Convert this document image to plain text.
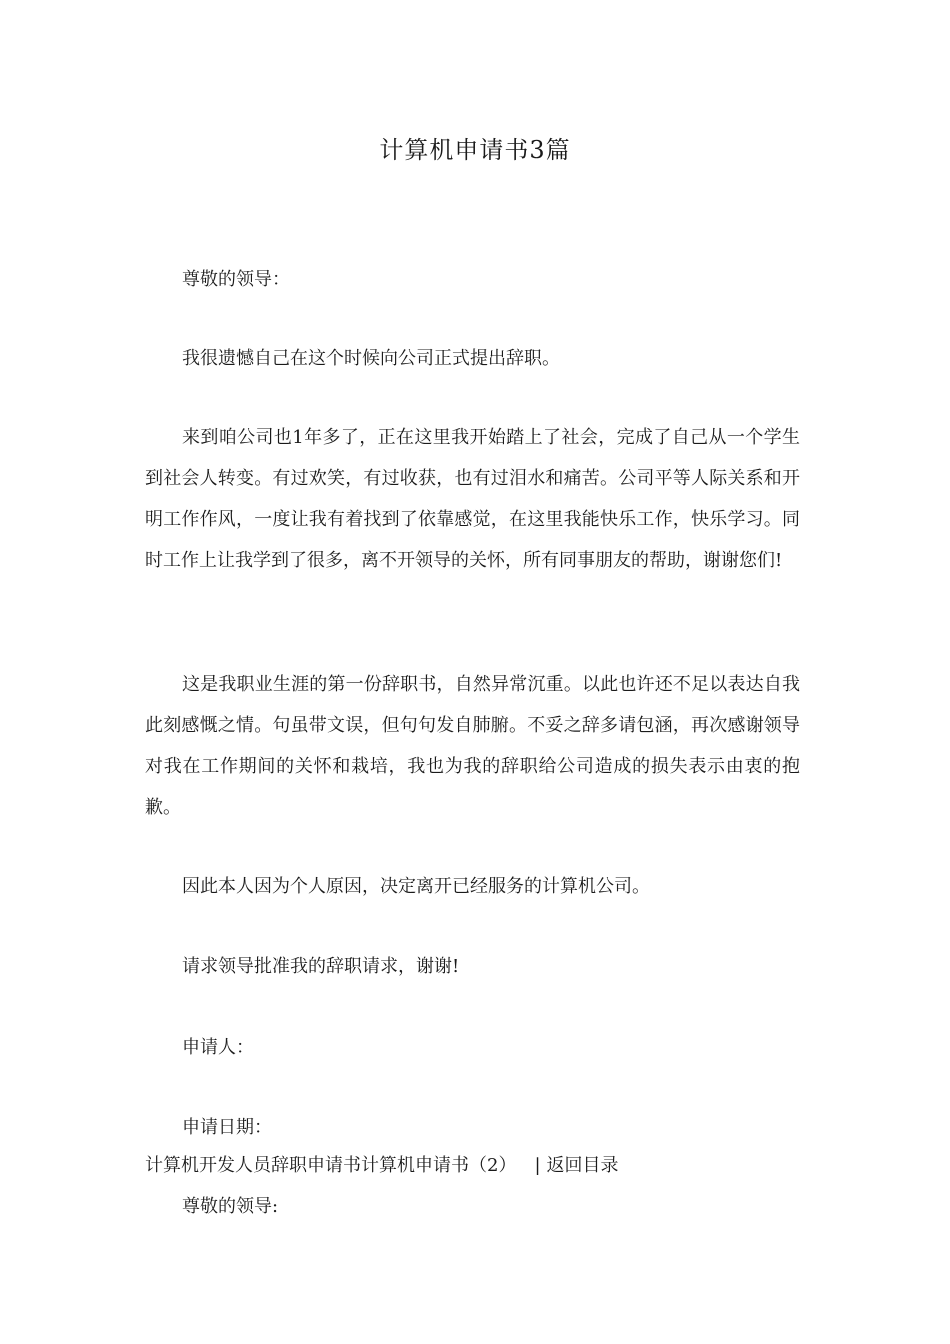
计算机申请书3篇
尊敬的领导：
我很遗憾自己在这个时候向公司正式提出辞职。
来到咱公司也1年多了，正在这里我开始踏上了社会，完成了自己从一个学生到社会人转变。有过欢笑，有过收获，也有过泪水和痛苦。公司平等人际关系和开明工作作风，一度让我有着找到了依靠感觉，在这里我能快乐工作，快乐学习。同时工作上让我学到了很多，离不开领导的关怀，所有同事朋友的帮助，谢谢您们!
这是我职业生涯的第一份辞职书，自然异常沉重。以此也许还不足以表达自我此刻感慨之情。句虽带文误，但句句发自肺腑。不妥之辞多请包涵，再次感谢领导对我在工作期间的关怀和栽培，我也为我的辞职给公司造成的损失表示由衷的抱歉。
因此本人因为个人原因，决定离开已经服务的计算机公司。
请求领导批准我的辞职请求，谢谢!
申请人：
申请日期：
计算机开发人员辞职申请书计算机申请书（2） | 返回目录
尊敬的领导:
